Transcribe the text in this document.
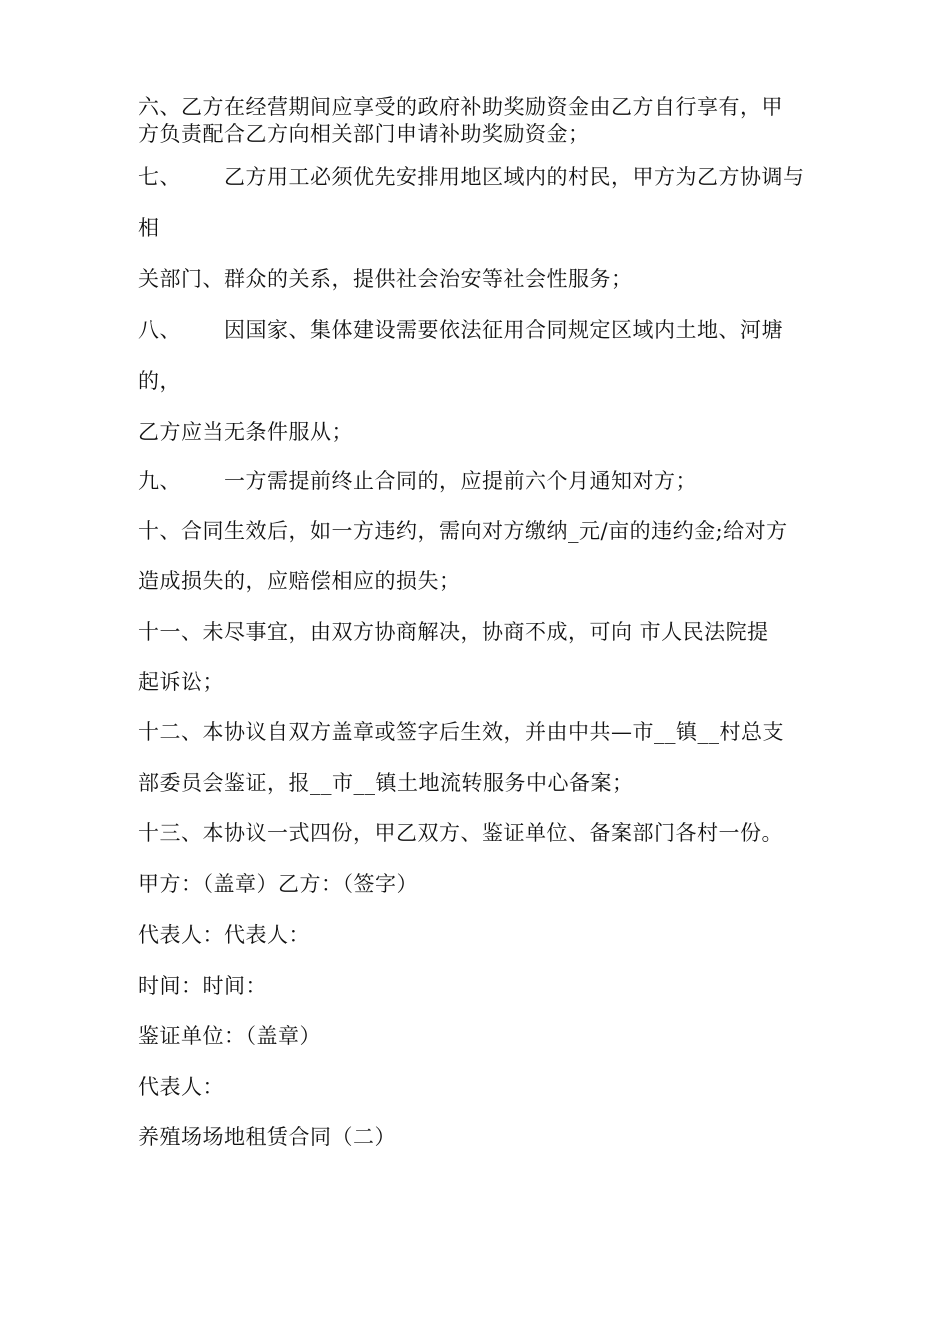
六、乙方在经营期间应享受的政府补助奖励资金由乙方自行享有，甲
方负责配合乙方向相关部门申请补助奖励资金；
七、      乙方用工必须优先安排用地区域内的村民，甲方为乙方协调与
相
关部门、群众的关系，提供社会治安等社会性服务；
八、      因国家、集体建设需要依法征用合同规定区域内土地、河塘
的，
乙方应当无条件服从；
九、      一方需提前终止合同的，应提前六个月通知对方；
十、合同生效后，如一方违约，需向对方缴纳_元/亩的违约金;给对方
造成损失的，应赔偿相应的损失；
十一、未尽事宜，由双方协商解决，协商不成，可向 市人民法院提
起诉讼；
十二、本协议自双方盖章或签字后生效，并由中共—市__镇__村总支
部委员会鉴证，报__市__镇土地流转服务中心备案；
十三、本协议一式四份，甲乙双方、鉴证单位、备案部门各村一份。
甲方：（盖章）乙方：（签字）
代表人：代表人：
时间：时间：
鉴证单位：（盖章）
代表人：
养殖场场地租赁合同（二）
